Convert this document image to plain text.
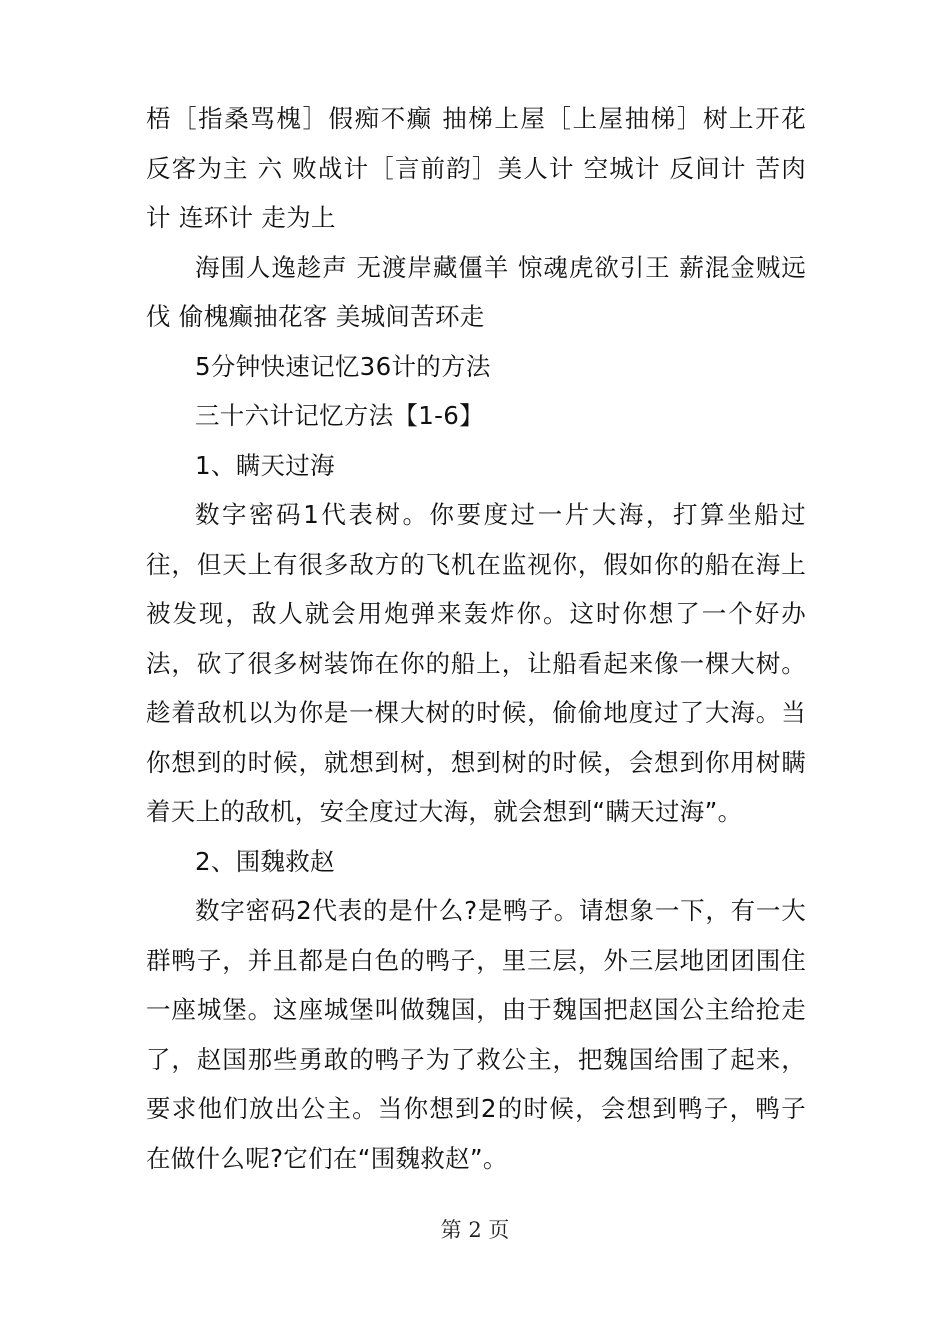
梧［指桑骂槐］假痴不癫 抽梯上屋［上屋抽梯］树上开花 反客为主 六 败战计［言前韵］美人计 空城计 反间计 苦肉计 连环计 走为上

海围人逸趁声 无渡岸藏僵羊 惊魂虎欲引王 薪混金贼远伐 偷槐癫抽花客 美城间苦环走

5分钟快速记忆36计的方法

三十六计记忆方法【1-6】

1、瞒天过海

数字密码1代表树。你要度过一片大海，打算坐船过往，但天上有很多敌方的飞机在监视你，假如你的船在海上被发现，敌人就会用炮弹来轰炸你。这时你想了一个好办法，砍了很多树装饰在你的船上，让船看起来像一棵大树。趁着敌机以为你是一棵大树的时候，偷偷地度过了大海。当你想到的时候，就想到树，想到树的时候，会想到你用树瞒着天上的敌机，安全度过大海，就会想到“瞒天过海”。

2、围魏救赵

数字密码2代表的是什么?是鸭子。请想象一下，有一大群鸭子，并且都是白色的鸭子，里三层，外三层地团团围住一座城堡。这座城堡叫做魏国，由于魏国把赵国公主给抢走了，赵国那些勇敢的鸭子为了救公主，把魏国给围了起来，要求他们放出公主。当你想到2的时候，会想到鸭子，鸭子在做什么呢?它们在“围魏救赵”。

第 2 页
